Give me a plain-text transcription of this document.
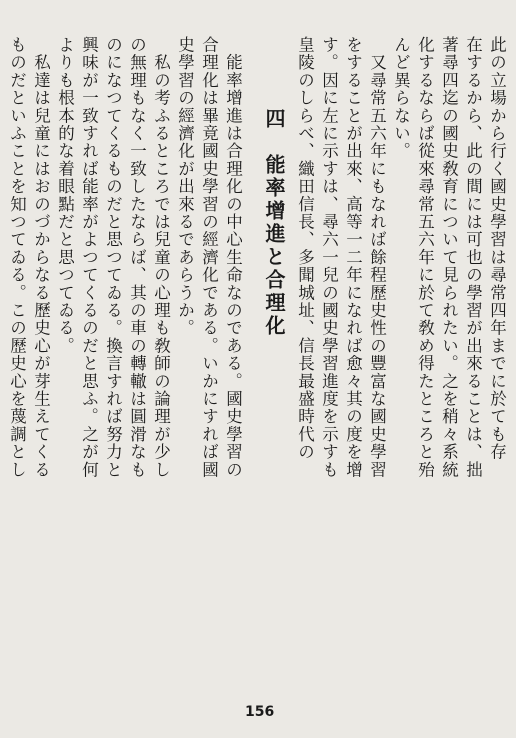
此の立場から行く國史學習は尋常四年までに於ても存
在するから、此の間には可也の學習が出來ることは、拙
著尋四迄の國史敎育について見られたい。之を稍々系統
化するならば從來尋常五六年に於て敎め得たところと殆
んど異らない。
　又尋常五六年にもなれば餘程歷史性の豐富な國史學習
をすることが出來、高等一二年になれば愈々其の度を增
す。因に左に示すは、尋六一兒の國史學習進度を示すも
皇陵のしらべ、織田信長、多聞城址、信長最盛時代の
四　能率增進と合理化
　能率增進は合理化の中心生命なのである。國史學習の
合理化は畢竟國史學習の經濟化である。いかにすれば國
史學習の經濟化が出來るであらうか。
　私の考ふるところでは兒童の心理も敎師の論理が少し
の無理もなく一致したならば、其の車の轉轍は圓滑なも
のになつてくるものだと思つてゐる。換言すれば努力と
興味が一致すれば能率がよつてくるのだと思ふ。之が何
よりも根本的な着眼點だと思つてゐる。
　私達は兒童にはおのづからなる歷史心が芽生えてくる
ものだといふことを知つてゐる。この歷史心を蔑調とし
156
